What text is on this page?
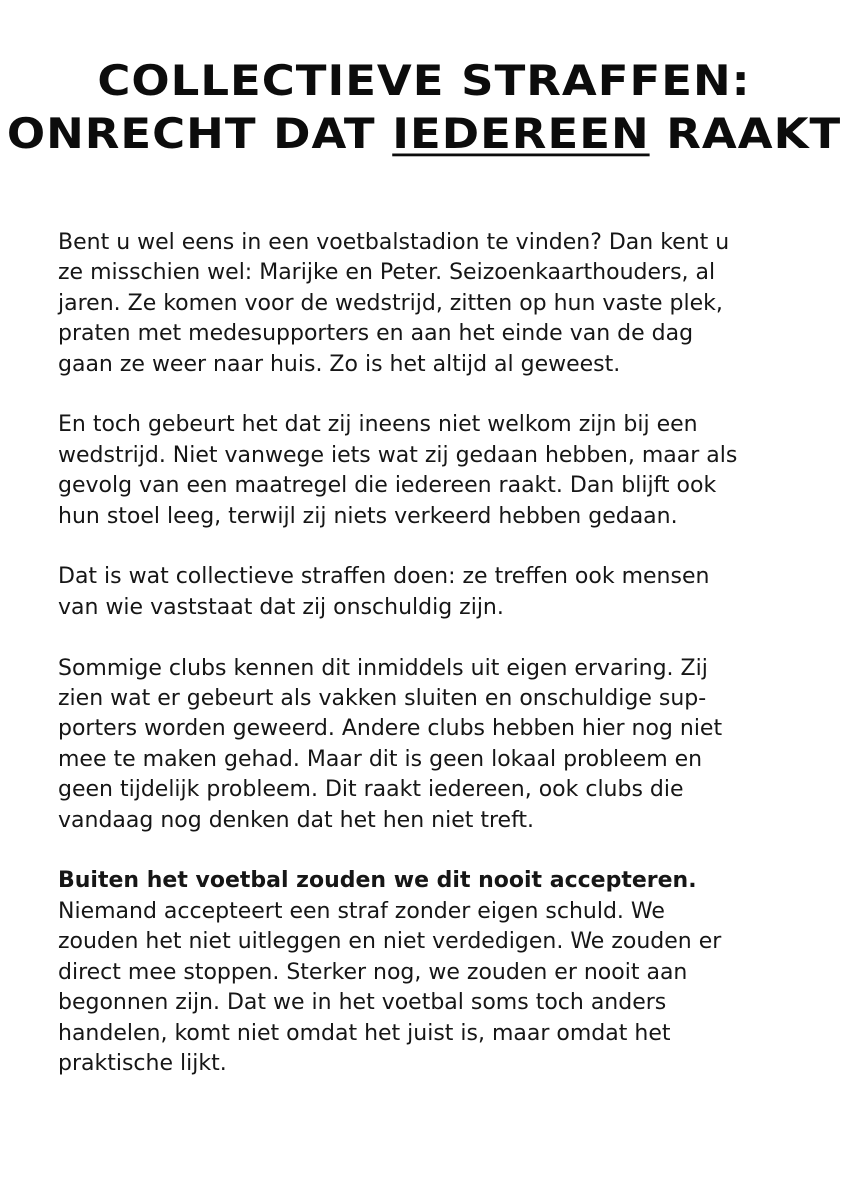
COLLECTIEVE STRAFFEN:
ONRECHT DAT IEDEREEN RAAKT

Bent u wel eens in een voetbalstadion te vinden? Dan kent u
ze misschien wel: Marijke en Peter. Seizoenkaarthouders, al
jaren. Ze komen voor de wedstrijd, zitten op hun vaste plek,
praten met medesupporters en aan het einde van de dag
gaan ze weer naar huis. Zo is het altijd al geweest.

En toch gebeurt het dat zij ineens niet welkom zijn bij een
wedstrijd. Niet vanwege iets wat zij gedaan hebben, maar als
gevolg van een maatregel die iedereen raakt. Dan blijft ook
hun stoel leeg, terwijl zij niets verkeerd hebben gedaan.

Dat is wat collectieve straffen doen: ze treffen ook mensen
van wie vaststaat dat zij onschuldig zijn.

Sommige clubs kennen dit inmiddels uit eigen ervaring. Zij
zien wat er gebeurt als vakken sluiten en onschuldige sup-
porters worden geweerd. Andere clubs hebben hier nog niet
mee te maken gehad. Maar dit is geen lokaal probleem en
geen tijdelijk probleem. Dit raakt iedereen, ook clubs die
vandaag nog denken dat het hen niet treft.

Buiten het voetbal zouden we dit nooit accepteren.
Niemand accepteert een straf zonder eigen schuld. We
zouden het niet uitleggen en niet verdedigen. We zouden er
direct mee stoppen. Sterker nog, we zouden er nooit aan
begonnen zijn. Dat we in het voetbal soms toch anders
handelen, komt niet omdat het juist is, maar omdat het
praktische lijkt.
